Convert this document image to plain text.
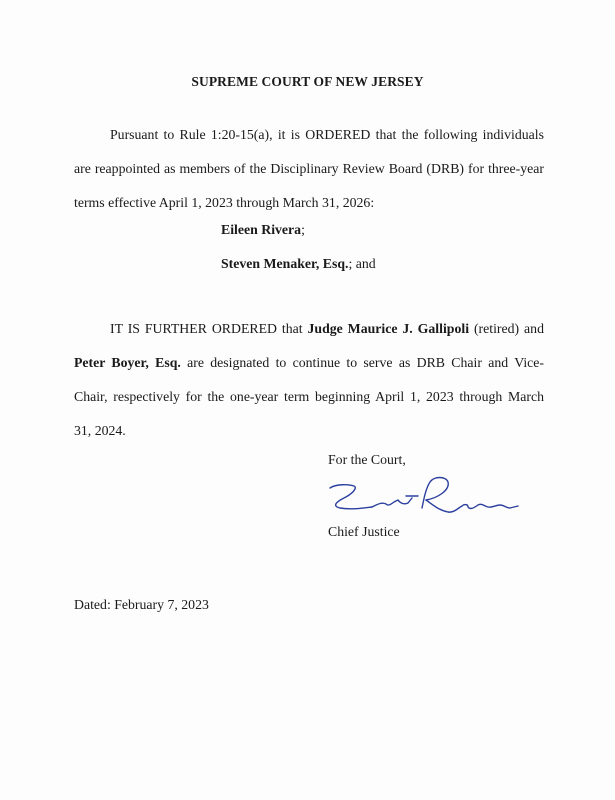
SUPREME COURT OF NEW JERSEY
Pursuant to Rule 1:20-15(a), it is ORDERED that the following individuals
are reappointed as members of the Disciplinary Review Board (DRB) for three-year
terms effective April 1, 2023 through March 31, 2026:
Eileen Rivera;
Steven Menaker, Esq.; and
IT IS FURTHER ORDERED that Judge Maurice J. Gallipoli (retired) and
Peter Boyer, Esq. are designated to continue to serve as DRB Chair and Vice-
Chair, respectively for the one-year term beginning April 1, 2023 through March
31, 2024.
For the Court,
Chief Justice
Dated: February 7, 2023
